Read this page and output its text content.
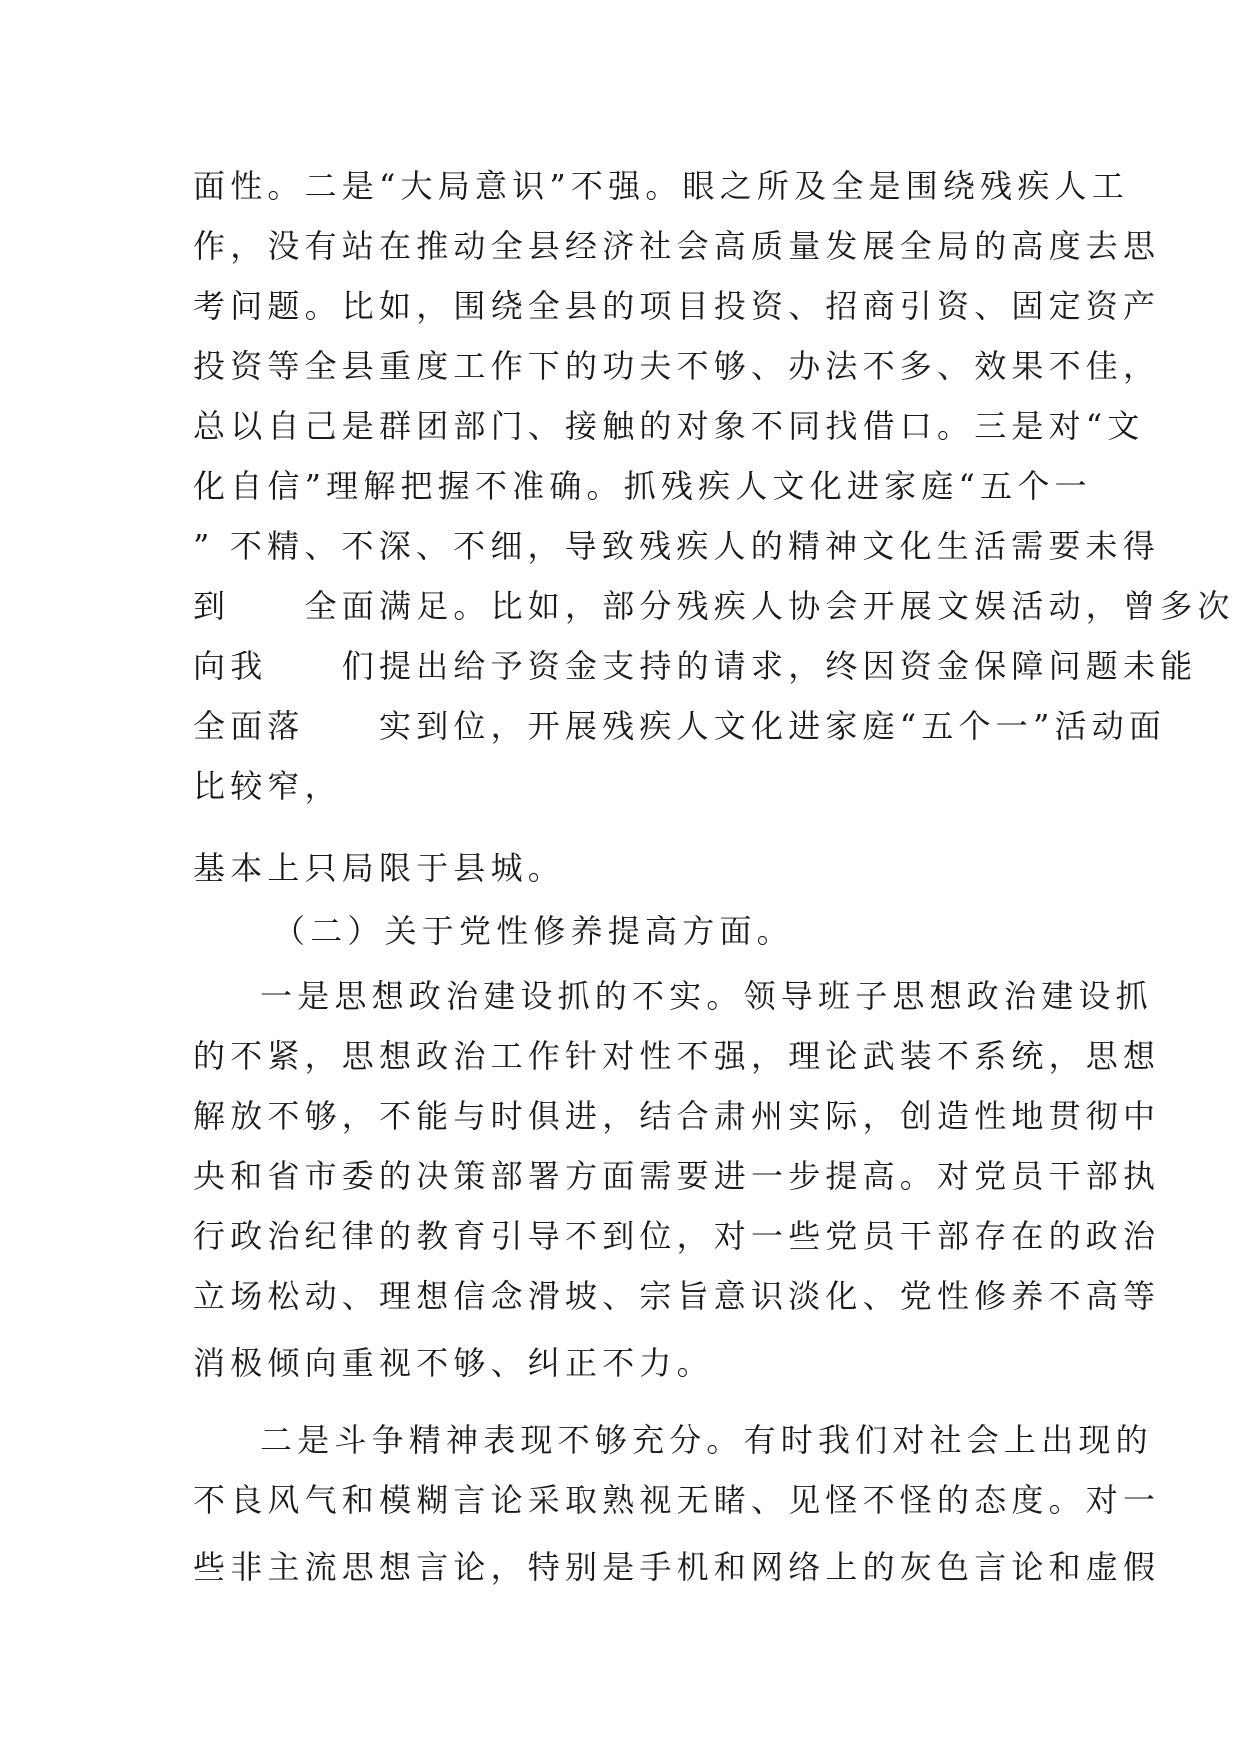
面性。二是“大局意识”不强。眼之所及全是围绕残疾人工
作，没有站在推动全县经济社会高质量发展全局的高度去思
考问题。比如，围绕全县的项目投资、招商引资、固定资产
投资等全县重度工作下的功夫不够、办法不多、效果不佳，
总以自己是群团部门、接触的对象不同找借口。三是对“文
化自信”理解把握不准确。抓残疾人文化进家庭“五个一
” 不精、不深、不细，导致残疾人的精神文化生活需要未得
到　　全面满足。比如，部分残疾人协会开展文娱活动，曾多次
向我　　们提出给予资金支持的请求，终因资金保障问题未能
全面落　　实到位，开展残疾人文化进家庭“五个一”活动面
比较窄，
基本上只局限于县城。
（二）关于党性修养提高方面。
一是思想政治建设抓的不实。领导班子思想政治建设抓
的不紧，思想政治工作针对性不强，理论武装不系统，思想
解放不够，不能与时俱进，结合肃州实际，创造性地贯彻中
央和省市委的决策部署方面需要进一步提高。对党员干部执
行政治纪律的教育引导不到位，对一些党员干部存在的政治
立场松动、理想信念滑坡、宗旨意识淡化、党性修养不高等
消极倾向重视不够、纠正不力。
二是斗争精神表现不够充分。有时我们对社会上出现的
不良风气和模糊言论采取熟视无睹、见怪不怪的态度。对一
些非主流思想言论，特别是手机和网络上的灰色言论和虚假
